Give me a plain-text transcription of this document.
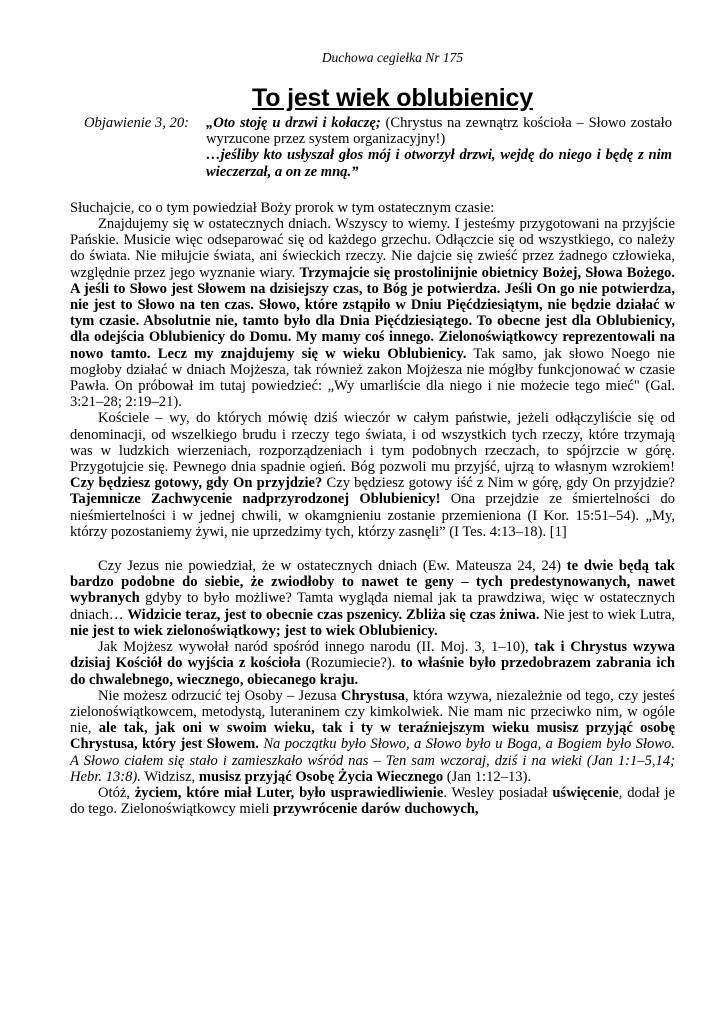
Duchowa cegiełka Nr 175
To jest wiek oblubienicy
Objawienie 3, 20:	„Oto stoję u drzwi i kołaczę; (Chrystus na zewnątrz kościoła – Słowo zostało wyrzucone przez system organizacyjny!)
…jeśliby kto usłyszał głos mój i otworzył drzwi, wejdę do niego i będę z nim wieczerzał, a on ze mną.”

Słuchajcie, co o tym powiedział Boży prorok w tym ostatecznym czasie:

Znajdujemy się w ostatecznych dniach. Wszyscy to wiemy. I jesteśmy przygotowani na przyjście Pańskie. Musicie więc odseparować się od każdego grzechu. Odłączcie się od wszystkiego, co należy do świata. Nie miłujcie świata, ani świeckich rzeczy. Nie dajcie się zwieść przez żadnego człowieka, względnie przez jego wyznanie wiary. Trzymajcie się prostolinijnie obietnicy Bożej, Słowa Bożego. A jeśli to Słowo jest Słowem na dzisiejszy czas, to Bóg je potwierdza. Jeśli On go nie potwierdza, nie jest to Słowo na ten czas. Słowo, które zstąpiło w Dniu Pięćdziesiątym, nie będzie działać w tym czasie. Absolutnie nie, tamto było dla Dnia Pięćdziesiątego. To obecne jest dla Oblubienicy, dla odejścia Oblubienicy do Domu. My mamy coś innego. Zielonoświątkowcy reprezentowali na nowo tamto. Lecz my znajdujemy się w wieku Oblubienicy. Tak samo, jak słowo Noego nie mogłoby działać w dniach Mojżesza, tak również zakon Mojżesza nie mógłby funkcjonować w czasie Pawła. On próbował im tutaj powiedzieć: „Wy umarliście dla niego i nie możecie tego mieć" (Gal. 3:21–28; 2:19–21).

Kościele – wy, do których mówię dziś wieczór w całym państwie, jeżeli odłączyliście się od denominacji, od wszelkiego brudu i rzeczy tego świata, i od wszystkich tych rzeczy, które trzymają was w ludzkich wierzeniach, rozporządzeniach i tym podobnych rzeczach, to spójrzcie w górę. Przygotujcie się. Pewnego dnia spadnie ogień. Bóg pozwoli mu przyjść, ujrzą to własnym wzrokiem! Czy będziesz gotowy, gdy On przyjdzie? Czy będziesz gotowy iść z Nim w górę, gdy On przyjdzie? Tajemnicze Zachwycenie nadprzyrodzonej Oblubienicy! Ona przejdzie ze śmiertelności do nieśmiertelności i w jednej chwili, w okamgnieniu zostanie przemieniona (I Kor. 15:51–54). „My, którzy pozostaniemy żywi, nie uprzedzimy tych, którzy zasnęli” (I Tes. 4:13–18). [1]

Czy Jezus nie powiedział, że w ostatecznych dniach (Ew. Mateusza 24, 24) te dwie będą tak bardzo podobne do siebie, że zwiodłoby to nawet te geny – tych predestynowanych, nawet wybranych gdyby to było możliwe? Tamta wygląda niemal jak ta prawdziwa, więc w ostatecznych dniach… Widzicie teraz, jest to obecnie czas pszenicy. Zbliża się czas żniwa. Nie jest to wiek Lutra, nie jest to wiek zielonoświątkowy; jest to wiek Oblubienicy.

Jak Mojżesz wywołał naród spośród innego narodu (II. Moj. 3, 1–10), tak i Chrystus wzywa dzisiaj Kościół do wyjścia z kościoła (Rozumiecie?). to właśnie było przedobrazem zabrania ich do chwalebnego, wiecznego, obiecanego kraju.

Nie możesz odrzucić tej Osoby – Jezusa Chrystusa, która wzywa, niezależnie od tego, czy jesteś zielonoświątkowcem, metodystą, luteraninem czy kimkolwiek. Nie mam nic przeciwko nim, w ogóle nie, ale tak, jak oni w swoim wieku, tak i ty w teraźniejszym wieku musisz przyjąć osobę Chrystusa, który jest Słowem. Na początku było Słowo, a Słowo było u Boga, a Bogiem było Słowo. A Słowo ciałem się stało i zamieszkało wśród nas – Ten sam wczoraj, dziś i na wieki (Jan 1:1–5,14; Hebr. 13:8). Widzisz, musisz przyjąć Osobę Życia Wiecznego (Jan 1:12–13).

Otóż, życiem, które miał Luter, było usprawiedliwienie. Wesley posiadał uświęcenie, dodał je do tego. Zielonoświątkowcy mieli przywrócenie darów duchowych,
